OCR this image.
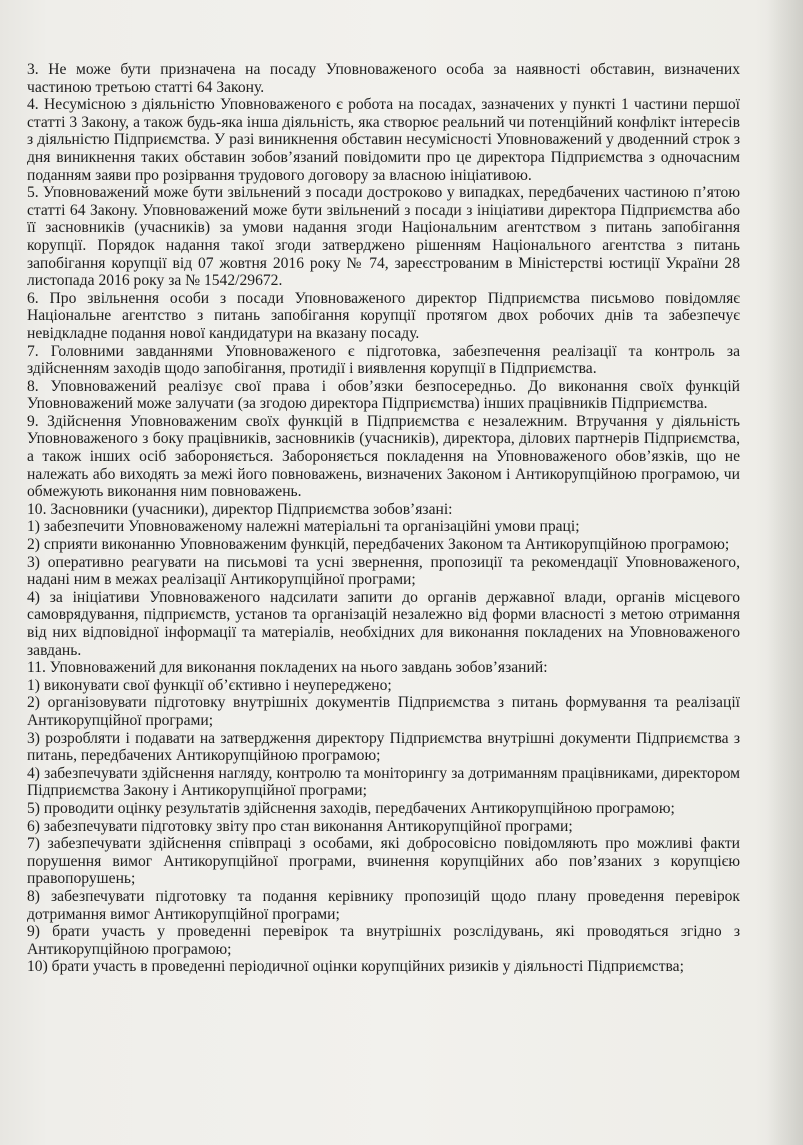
3. Не може бути призначена на посаду Уповноваженого особа за наявності обставин, визначених частиною третьою статті 64 Закону.

4. Несумісною з діяльністю Уповноваженого є робота на посадах, зазначених у пункті 1 частини першої статті 3 Закону, а також будь-яка інша діяльність, яка створює реальний чи потенційний конфлікт інтересів з діяльністю Підприємства. У разі виникнення обставин несумісності Уповноважений у дводенний строк з дня виникнення таких обставин зобов’язаний повідомити про це директора Підприємства з одночасним поданням заяви про розірвання трудового договору за власною ініціативою.

5. Уповноважений може бути звільнений з посади достроково у випадках, передбачених частиною п’ятою статті 64 Закону. Уповноважений може бути звільнений з посади з ініціативи директора Підприємства або її засновників (учасників) за умови надання згоди Національним агентством з питань запобігання корупції. Порядок надання такої згоди затверджено рішенням Національного агентства з питань запобігання корупції від 07 жовтня 2016 року № 74, зареєстрованим в Міністерстві юстиції України 28 листопада 2016 року за № 1542/29672.

6. Про звільнення особи з посади Уповноваженого директор Підприємства письмово повідомляє Національне агентство з питань запобігання корупції протягом двох робочих днів та забезпечує невідкладне подання нової кандидатури на вказану посаду.

7. Головними завданнями Уповноваженого є підготовка, забезпечення реалізації та контроль за здійсненням заходів щодо запобігання, протидії і виявлення корупції в Підприємства.

8. Уповноважений реалізує свої права і обов’язки безпосередньо. До виконання своїх функцій Уповноважений може залучати (за згодою директора Підприємства) інших працівників Підприємства.

9. Здійснення Уповноваженим своїх функцій в Підприємства є незалежним. Втручання у діяльність Уповноваженого з боку працівників, засновників (учасників), директора, ділових партнерів Підприємства, а також інших осіб забороняється. Забороняється покладення на Уповноваженого обов’язків, що не належать або виходять за межі його повноважень, визначених Законом і Антикорупційною програмою, чи обмежують виконання ним повноважень.

10. Засновники (учасники), директор Підприємства зобов’язані:

1) забезпечити Уповноваженому належні матеріальні та організаційні умови праці;

2) сприяти виконанню Уповноваженим функцій, передбачених Законом та Антикорупційною програмою;

3) оперативно реагувати на письмові та усні звернення, пропозиції та рекомендації Уповноваженого, надані ним в межах реалізації Антикорупційної програми;

4) за ініціативи Уповноваженого надсилати запити до органів державної влади, органів місцевого самоврядування, підприємств, установ та організацій незалежно від форми власності з метою отримання від них відповідної інформації та матеріалів, необхідних для виконання покладених на Уповноваженого завдань.

11. Уповноважений для виконання покладених на нього завдань зобов’язаний:

1) виконувати свої функції об’єктивно і неупереджено;

2) організовувати підготовку внутрішніх документів Підприємства з питань формування та реалізації Антикорупційної програми;

3) розробляти і подавати на затвердження директору Підприємства внутрішні документи Підприємства з питань, передбачених Антикорупційною програмою;

4) забезпечувати здійснення нагляду, контролю та моніторингу за дотриманням працівниками, директором Підприємства Закону і Антикорупційної програми;

5) проводити оцінку результатів здійснення заходів, передбачених Антикорупційною програмою;

6) забезпечувати підготовку звіту про стан виконання Антикорупційної програми;

7) забезпечувати здійснення співпраці з особами, які добросовісно повідомляють про можливі факти порушення вимог Антикорупційної програми, вчинення корупційних або пов’язаних з корупцією правопорушень;

8) забезпечувати підготовку та подання керівнику пропозицій щодо плану проведення перевірок дотримання вимог Антикорупційної програми;

9) брати участь у проведенні перевірок та внутрішніх розслідувань, які проводяться згідно з Антикорупційною програмою;

10) брати участь в проведенні періодичної оцінки корупційних ризиків у діяльності Підприємства;
